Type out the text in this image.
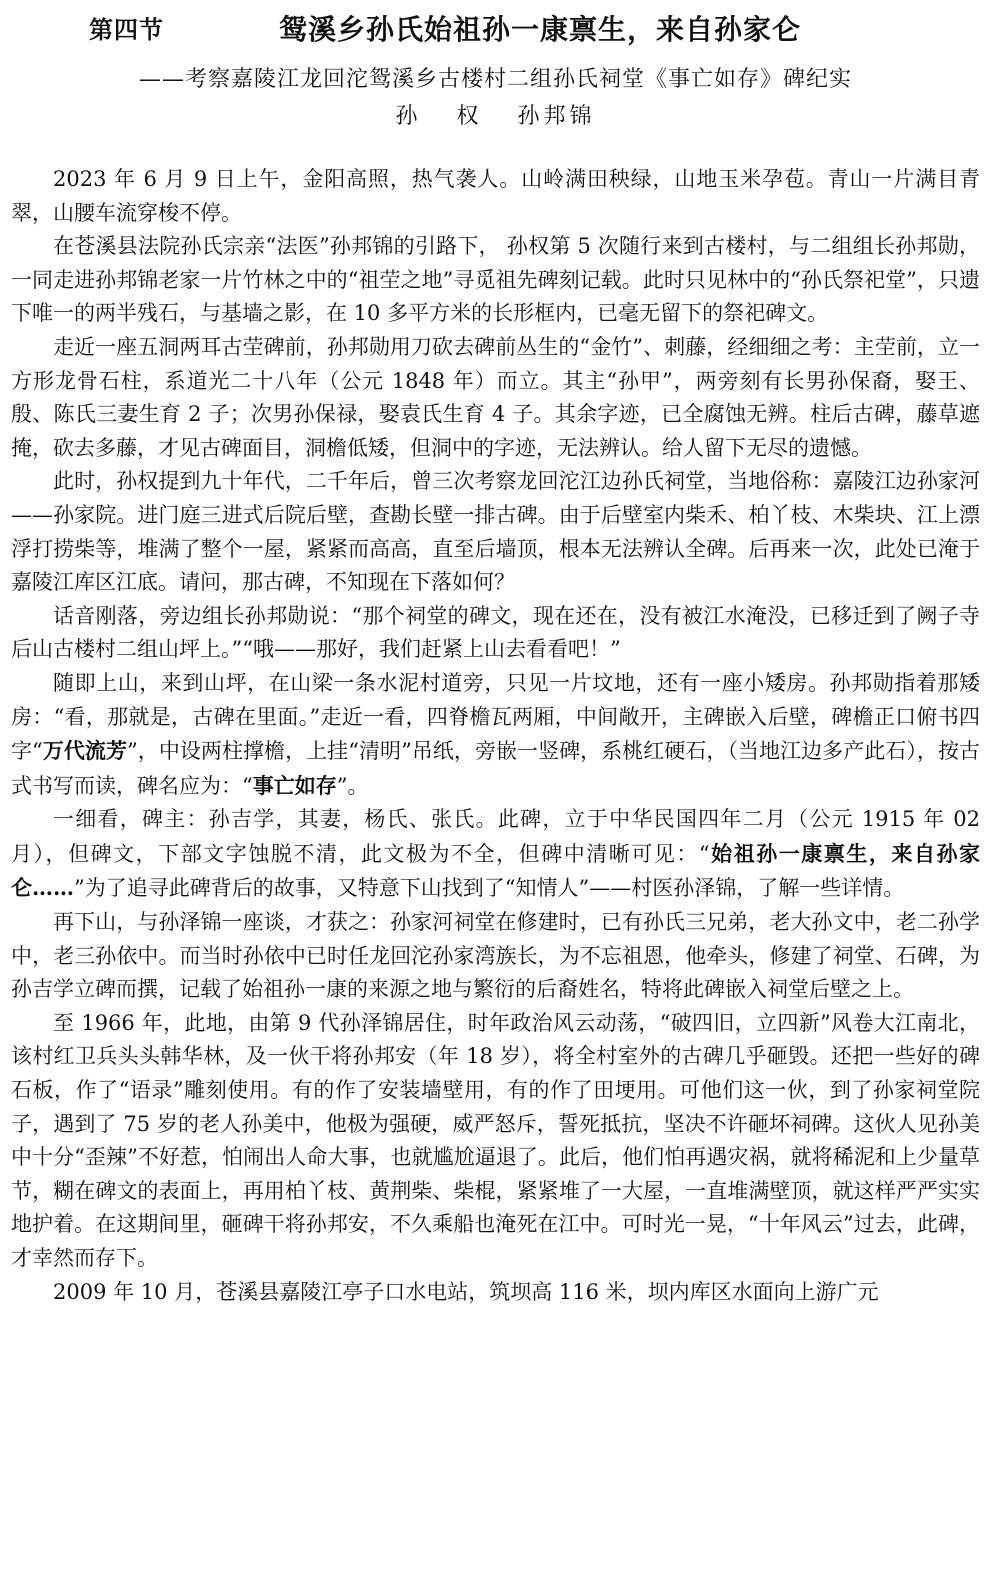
第四节	鸳溪乡孙氏始祖孙一康禀生，来自孙家仑
——考察嘉陵江龙回沱鸳溪乡古楼村二组孙氏祠堂《事亡如存》碑纪实
孙 权 孙邦锦

2023 年 6 月 9 日上午，金阳高照，热气袭人。山岭满田秧绿，山地玉米孕苞。青山一片满目青翠，山腰车流穿梭不停。

在苍溪县法院孙氏宗亲“法医”孙邦锦的引路下， 孙权第 5 次随行来到古楼村，与二组组长孙邦勋，一同走进孙邦锦老家一片竹林之中的“祖茔之地”寻觅祖先碑刻记载。此时只见林中的“孙氏祭祀堂”，只遗下唯一的两半残石，与基墙之影，在 10 多平方米的长形框内，已毫无留下的祭祀碑文。

走近一座五洞两耳古茔碑前，孙邦勋用刀砍去碑前丛生的“金竹”、刺藤，经细细之考：主茔前，立一方形龙骨石柱，系道光二十八年（公元 1848 年）而立。其主“孙甲”，两旁刻有长男孙保裔，娶王、殷、陈氏三妻生育 2 子；次男孙保禄，娶袁氏生育 4 子。其余字迹，已全腐蚀无辨。柱后古碑，藤草遮掩，砍去多藤，才见古碑面目，洞檐低矮，但洞中的字迹，无法辨认。给人留下无尽的遗憾。

此时，孙权提到九十年代，二千年后，曾三次考察龙回沱江边孙氏祠堂，当地俗称：嘉陵江边孙家河——孙家院。进门庭三进式后院后壁，查勘长壁一排古碑。由于后壁室内柴禾、柏丫枝、木柴块、江上漂浮打捞柴等，堆满了整个一屋，紧紧而高高，直至后墙顶，根本无法辨认全碑。后再来一次，此处已淹于嘉陵江库区江底。请问，那古碑，不知现在下落如何？

话音刚落，旁边组长孙邦勋说：“那个祠堂的碑文，现在还在，没有被江水淹没，已移迁到了阙子寺后山古楼村二组山坪上。”“哦——那好，我们赶紧上山去看看吧！”

随即上山，来到山坪，在山梁一条水泥村道旁，只见一片坟地，还有一座小矮房。孙邦勋指着那矮房：“看，那就是，古碑在里面。”走近一看，四脊檐瓦两厢，中间敞开，主碑嵌入后壁，碑檐正口俯书四字“万代流芳”，中设两柱撑檐，上挂“清明”吊纸，旁嵌一竖碑，系桃红硬石，（当地江边多产此石），按古式书写而读，碑名应为：“事亡如存”。

一细看，碑主：孙吉学，其妻，杨氏、张氏。此碑，立于中华民国四年二月（公元 1915 年 02 月），但碑文，下部文字蚀脱不清，此文极为不全，但碑中清晰可见：“始祖孙一康禀生，来自孙家仑……”为了追寻此碑背后的故事，又特意下山找到了“知情人”——村医孙泽锦，了解一些详情。

再下山，与孙泽锦一座谈，才获之：孙家河祠堂在修建时，已有孙氏三兄弟，老大孙文中，老二孙学中，老三孙依中。而当时孙依中已时任龙回沱孙家湾族长，为不忘祖恩，他牵头，修建了祠堂、石碑，为孙吉学立碑而撰，记载了始祖孙一康的来源之地与繁衍的后裔姓名，特将此碑嵌入祠堂后壁之上。

至 1966 年，此地，由第 9 代孙泽锦居住，时年政治风云动荡，“破四旧，立四新”风卷大江南北，该村红卫兵头头韩华林，及一伙干将孙邦安（年 18 岁），将全村室外的古碑几乎砸毁。还把一些好的碑石板，作了“语录”雕刻使用。有的作了安装墙壁用，有的作了田埂用。可他们这一伙，到了孙家祠堂院子，遇到了 75 岁的老人孙美中，他极为强硬，威严怒斥，誓死抵抗，坚决不许砸坏祠碑。这伙人见孙美中十分“歪辣”不好惹，怕闹出人命大事，也就尴尬逼退了。此后，他们怕再遇灾祸，就将稀泥和上少量草节，糊在碑文的表面上，再用柏丫枝、黄荆柴、柴棍，紧紧堆了一大屋，一直堆满壁顶，就这样严严实实地护着。在这期间里，砸碑干将孙邦安，不久乘船也淹死在江中。可时光一晃，“十年风云”过去，此碑，才幸然而存下。

2009 年 10 月，苍溪县嘉陵江亭子口水电站，筑坝高 116 米，坝内库区水面向上游广元
